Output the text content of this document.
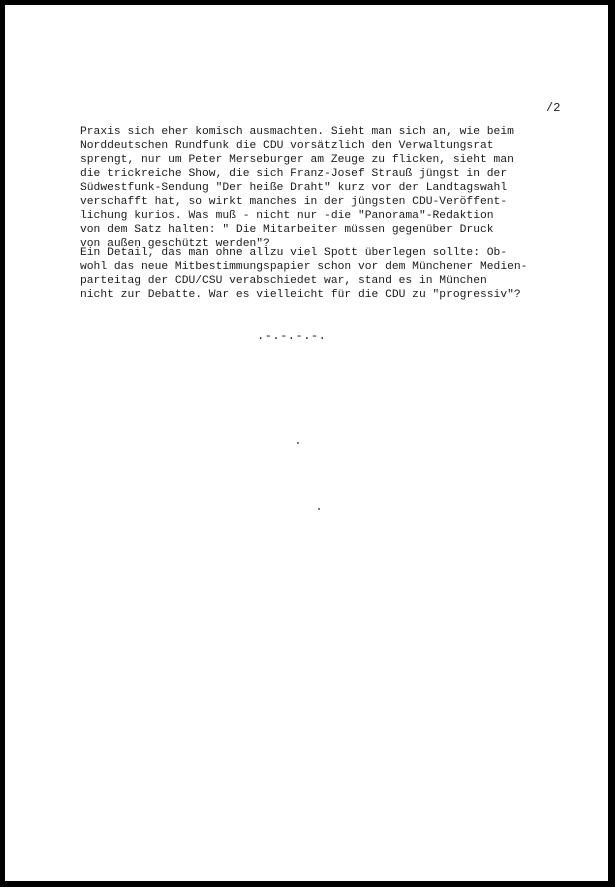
/2

Praxis sich eher komisch ausmachten. Sieht man sich an, wie beim
Norddeutschen Rundfunk die CDU vorsätzlich den Verwaltungsrat
sprengt, nur um Peter Merseburger am Zeuge zu flicken, sieht man
die trickreiche Show, die sich Franz-Josef Strauß jüngst in der
Südwestfunk-Sendung "Der heiße Draht" kurz vor der Landtagswahl
verschafft hat, so wirkt manches in der jüngsten CDU-Veröffent-
lichung kurios. Was muß - nicht nur -die "Panorama"-Redaktion
von dem Satz halten: " Die Mitarbeiter müssen gegenüber Druck
von außen geschützt werden"?

Ein Detail, das man ohne allzu viel Spott überlegen sollte: Ob-
wohl das neue Mitbestimmungspapier schon vor dem Münchener Medien-
parteitag der CDU/CSU verabschiedet war, stand es in München
nicht zur Debatte. War es vielleicht für die CDU zu "progressiv"?

.-.-.-.-.
